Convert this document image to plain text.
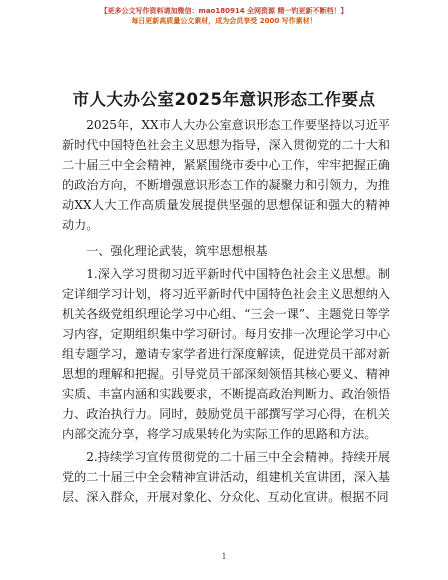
【更多公文写作资料请加微信：mao180914 全网资源 精一钓更新不断档！】
每日更新高质量公文素材，成为会员享受 2000 写作素材！
市人大办公室2025年意识形态工作要点

2025年，XX市人大办公室意识形态工作要坚持以习近平新时代中国特色社会主义思想为指导，深入贯彻党的二十大和二十届三中全会精神，紧紧围绕市委中心工作，牢牢把握正确的政治方向，不断增强意识形态工作的凝聚力和引领力，为推动XX人大工作高质量发展提供坚强的思想保证和强大的精神动力。

一、强化理论武装，筑牢思想根基

1.深入学习贯彻习近平新时代中国特色社会主义思想。制定详细学习计划，将习近平新时代中国特色社会主义思想纳入机关各级党组织理论学习中心组、“三会一课”、主题党日等学习内容，定期组织集中学习研讨。每月安排一次理论学习中心组专题学习，邀请专家学者进行深度解读，促进党员干部对新思想的理解和把握。引导党员干部深刻领悟其核心要义、精神实质、丰富内涵和实践要求，不断提高政治判断力、政治领悟力、政治执行力。同时，鼓励党员干部撰写学习心得，在机关内部交流分享，将学习成果转化为实际工作的思路和方法。

2.持续学习宣传贯彻党的二十届三中全会精神。持续开展党的二十届三中全会精神宣讲活动，组建机关宣讲团，深入基层、深入群众，开展对象化、分众化、互动化宣讲。根据不同

1
